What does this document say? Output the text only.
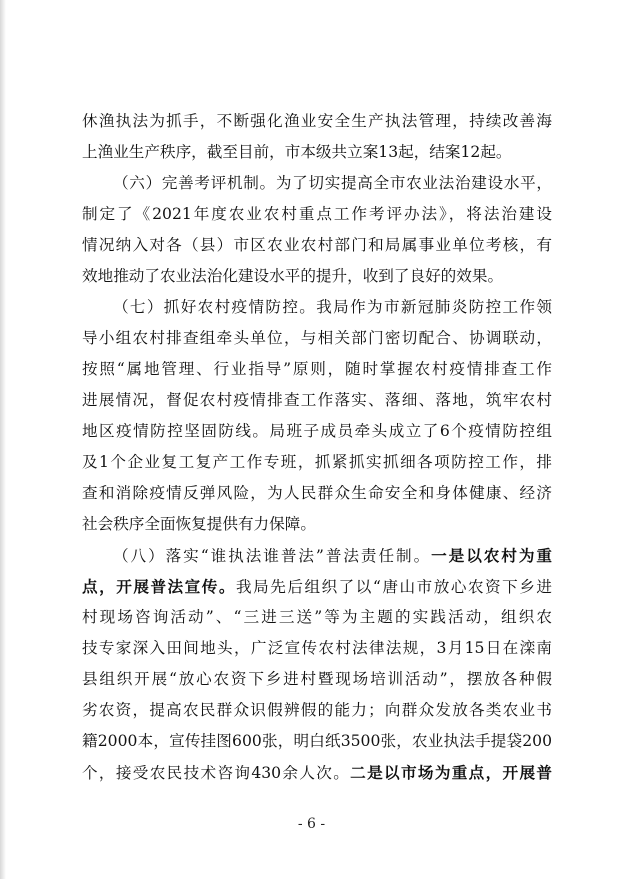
休渔执法为抓手，不断强化渔业安全生产执法管理，持续改善海
上渔业生产秩序，截至目前，市本级共立案13起，结案12起。
（六）完善考评机制。为了切实提高全市农业法治建设水平，
制定了《2021年度农业农村重点工作考评办法》，将法治建设
情况纳入对各（县）市区农业农村部门和局属事业单位考核，有
效地推动了农业法治化建设水平的提升，收到了良好的效果。
（七）抓好农村疫情防控。我局作为市新冠肺炎防控工作领
导小组农村排查组牵头单位，与相关部门密切配合、协调联动，
按照“属地管理、行业指导”原则，随时掌握农村疫情排查工作
进展情况，督促农村疫情排查工作落实、落细、落地，筑牢农村
地区疫情防控坚固防线。局班子成员牵头成立了6个疫情防控组
及1个企业复工复产工作专班，抓紧抓实抓细各项防控工作，排
查和消除疫情反弹风险，为人民群众生命安全和身体健康、经济
社会秩序全面恢复提供有力保障。
（八）落实“谁执法谁普法”普法责任制。一是以农村为重
点，开展普法宣传。我局先后组织了以“唐山市放心农资下乡进
村现场咨询活动”、“三进三送”等为主题的实践活动，组织农
技专家深入田间地头，广泛宣传农村法律法规，3月15日在滦南
县组织开展“放心农资下乡进村暨现场培训活动”，摆放各种假
劣农资，提高农民群众识假辨假的能力；向群众发放各类农业书
籍2000本，宣传挂图600张，明白纸3500张，农业执法手提袋200
个，接受农民技术咨询430余人次。二是以市场为重点，开展普
- 6 -
